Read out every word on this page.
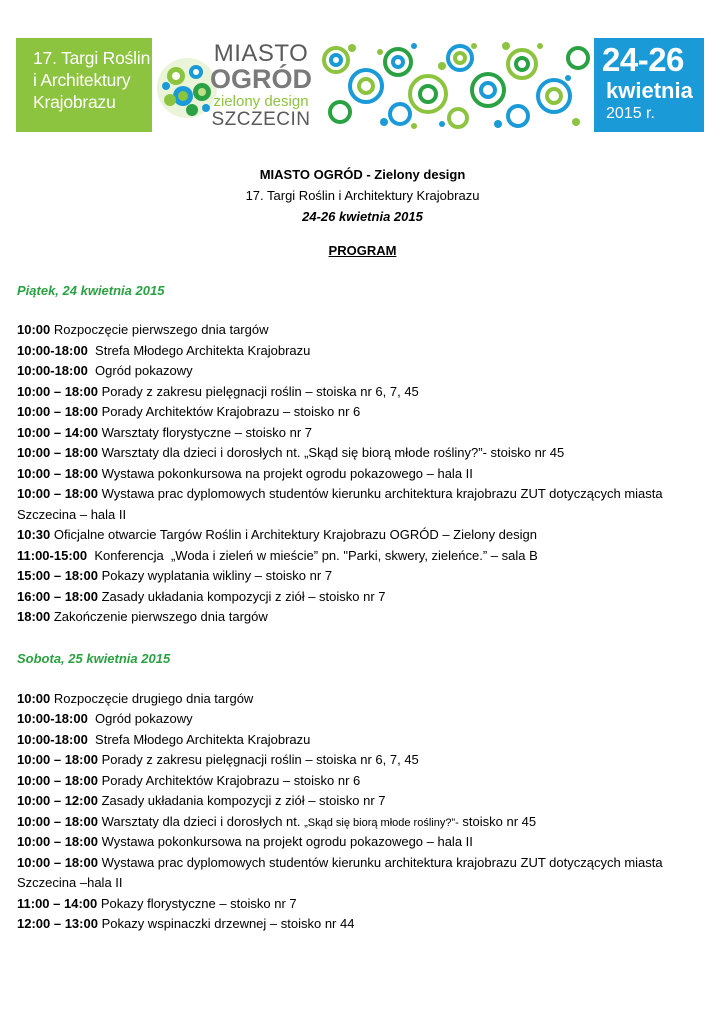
17. Targi Roślin
i Architektury
Krajobrazu
MIASTO
OGRÓD
zielony design
SZCZECIN
24-26
kwietnia
2015 r.
MIASTO OGRÓD - Zielony design
17. Targi Roślin i Architektury Krajobrazu
24-26 kwietnia 2015
PROGRAM
Piątek, 24 kwietnia 2015
10:00 Rozpoczęcie pierwszego dnia targów
10:00-18:00  Strefa Młodego Architekta Krajobrazu
10:00-18:00  Ogród pokazowy
10:00 – 18:00 Porady z zakresu pielęgnacji roślin – stoiska nr 6, 7, 45
10:00 – 18:00 Porady Architektów Krajobrazu – stoisko nr 6
10:00 – 14:00 Warsztaty florystyczne – stoisko nr 7
10:00 – 18:00 Warsztaty dla dzieci i dorosłych nt. „Skąd się biorą młode rośliny?”- stoisko nr 45
10:00 – 18:00 Wystawa pokonkursowa na projekt ogrodu pokazowego – hala II
10:00 – 18:00 Wystawa prac dyplomowych studentów kierunku architektura krajobrazu ZUT dotyczących miasta
Szczecina – hala II
10:30 Oficjalne otwarcie Targów Roślin i Architektury Krajobrazu OGRÓD – Zielony design
11:00-15:00  Konferencja  „Woda i zieleń w mieście” pn. "Parki, skwery, zieleńce.” – sala B
15:00 – 18:00 Pokazy wyplatania wikliny – stoisko nr 7
16:00 – 18:00 Zasady układania kompozycji z ziół – stoisko nr 7
18:00 Zakończenie pierwszego dnia targów
Sobota, 25 kwietnia 2015
10:00 Rozpoczęcie drugiego dnia targów
10:00-18:00  Ogród pokazowy
10:00-18:00  Strefa Młodego Architekta Krajobrazu
10:00 – 18:00 Porady z zakresu pielęgnacji roślin – stoiska nr 6, 7, 45
10:00 – 18:00 Porady Architektów Krajobrazu – stoisko nr 6
10:00 – 12:00 Zasady układania kompozycji z ziół – stoisko nr 7
10:00 – 18:00 Warsztaty dla dzieci i dorosłych nt. „Skąd się biorą młode rośliny?”- stoisko nr 45
10:00 – 18:00 Wystawa pokonkursowa na projekt ogrodu pokazowego – hala II
10:00 – 18:00 Wystawa prac dyplomowych studentów kierunku architektura krajobrazu ZUT dotyczących miasta
Szczecina –hala II
11:00 – 14:00 Pokazy florystyczne – stoisko nr 7
12:00 – 13:00 Pokazy wspinaczki drzewnej – stoisko nr 44
